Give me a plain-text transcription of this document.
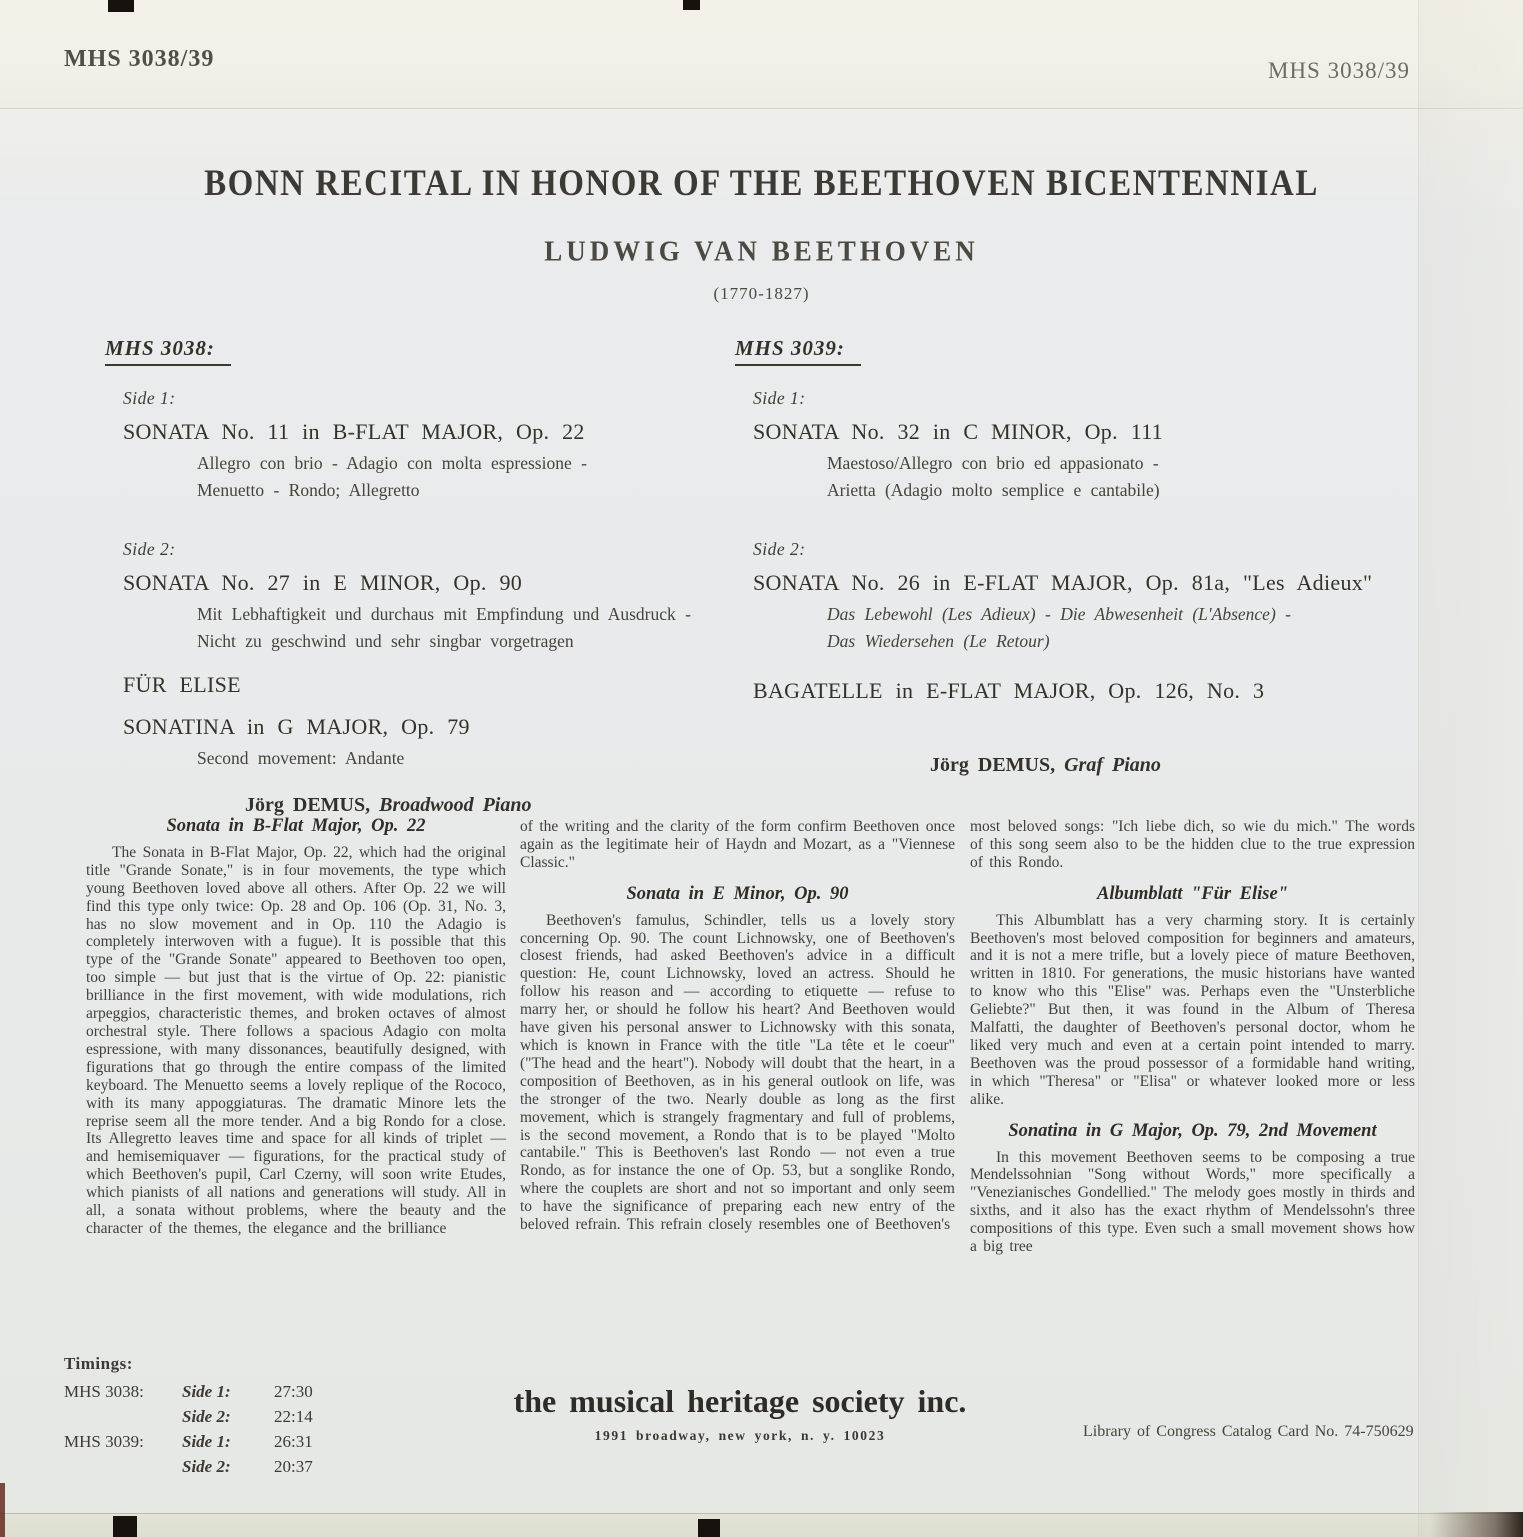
MHS 3038/39	MHS 3038/39
BONN RECITAL IN HONOR OF THE BEETHOVEN BICENTENNIAL
LUDWIG VAN BEETHOVEN
(1770-1827)
MHS 3038:
Side 1:
SONATA No. 11 in B-FLAT MAJOR, Op. 22
Allegro con brio - Adagio con molta espressione -
Menuetto - Rondo; Allegretto
Side 2:
SONATA No. 27 in E MINOR, Op. 90
Mit Lebhaftigkeit und durchaus mit Empfindung und Ausdruck -
Nicht zu geschwind und sehr singbar vorgetragen
FÜR ELISE
SONATINA in G MAJOR, Op. 79
Second movement: Andante
Jörg DEMUS, Broadwood Piano
MHS 3039:
Side 1:
SONATA No. 32 in C MINOR, Op. 111
Maestoso/Allegro con brio ed appasionato -
Arietta (Adagio molto semplice e cantabile)
Side 2:
SONATA No. 26 in E-FLAT MAJOR, Op. 81a, "Les Adieux"
Das Lebewohl (Les Adieux) - Die Abwesenheit (L'Absence) -
Das Wiedersehen (Le Retour)
BAGATELLE in E-FLAT MAJOR, Op. 126, No. 3
Jörg DEMUS, Graf Piano
Sonata in B-Flat Major, Op. 22

The Sonata in B-Flat Major, Op. 22, which had the original title "Grande Sonate," is in four movements, the type which young Beethoven loved above all others. After Op. 22 we will find this type only twice: Op. 28 and Op. 106 (Op. 31, No. 3, has no slow movement and in Op. 110 the Adagio is completely interwoven with a fugue). It is possible that this type of the "Grande Sonate" appeared to Beethoven too open, too simple — but just that is the virtue of Op. 22: pianistic brilliance in the first movement, with wide modulations, rich arpeggios, characteristic themes, and broken octaves of almost orchestral style. There follows a spacious Adagio con molta espressione, with many dissonances, beautifully designed, with figurations that go through the entire compass of the limited keyboard. The Menuetto seems a lovely replique of the Rococo, with its many appoggiaturas. The dramatic Minore lets the reprise seem all the more tender. And a big Rondo for a close. Its Allegretto leaves time and space for all kinds of triplet — and hemisemiquaver — figurations, for the practical study of which Beethoven's pupil, Carl Czerny, will soon write Etudes, which pianists of all nations and generations will study. All in all, a sonata without problems, where the beauty and the character of the themes, the elegance and the brilliance

of the writing and the clarity of the form confirm Beethoven once again as the legitimate heir of Haydn and Mozart, as a "Viennese Classic."

Sonata in E Minor, Op. 90

Beethoven's famulus, Schindler, tells us a lovely story concerning Op. 90. The count Lichnowsky, one of Beethoven's closest friends, had asked Beethoven's advice in a difficult question: He, count Lichnowsky, loved an actress. Should he follow his reason and — according to etiquette — refuse to marry her, or should he follow his heart? And Beethoven would have given his personal answer to Lichnowsky with this sonata, which is known in France with the title "La tête et le coeur" ("The head and the heart"). Nobody will doubt that the heart, in a composition of Beethoven, as in his general outlook on life, was the stronger of the two. Nearly double as long as the first movement, which is strangely fragmentary and full of problems, is the second movement, a Rondo that is to be played "Molto cantabile." This is Beethoven's last Rondo — not even a true Rondo, as for instance the one of Op. 53, but a songlike Rondo, where the couplets are short and not so important and only seem to have the significance of preparing each new entry of the beloved refrain. This refrain closely resembles one of Beethoven's

most beloved songs: "Ich liebe dich, so wie du mich." The words of this song seem also to be the hidden clue to the true expression of this Rondo.

Albumblatt "Für Elise"

This Albumblatt has a very charming story. It is certainly Beethoven's most beloved composition for beginners and amateurs, and it is not a mere trifle, but a lovely piece of mature Beethoven, written in 1810. For generations, the music historians have wanted to know who this "Elise" was. Perhaps even the "Unsterbliche Geliebte?" But then, it was found in the Album of Theresa Malfatti, the daughter of Beethoven's personal doctor, whom he liked very much and even at a certain point intended to marry. Beethoven was the proud possessor of a formidable hand writing, in which "Theresa" or "Elisa" or whatever looked more or less alike.

Sonatina in G Major, Op. 79, 2nd Movement

In this movement Beethoven seems to be composing a true Mendelssohnian "Song without Words," more specifically a "Venezianisches Gondellied." The melody goes mostly in thirds and sixths, and it also has the exact rhythm of Mendelssohn's three compositions of this type. Even such a small movement shows how a big tree

Timings:
MHS 3038:	Side 1:	27:30
	Side 2:	22:14
MHS 3039:	Side 1:	26:31
	Side 2:	20:37
the musical heritage society inc.
1991 broadway, new york, n. y. 10023	Library of Congress Catalog Card No. 74-750629
